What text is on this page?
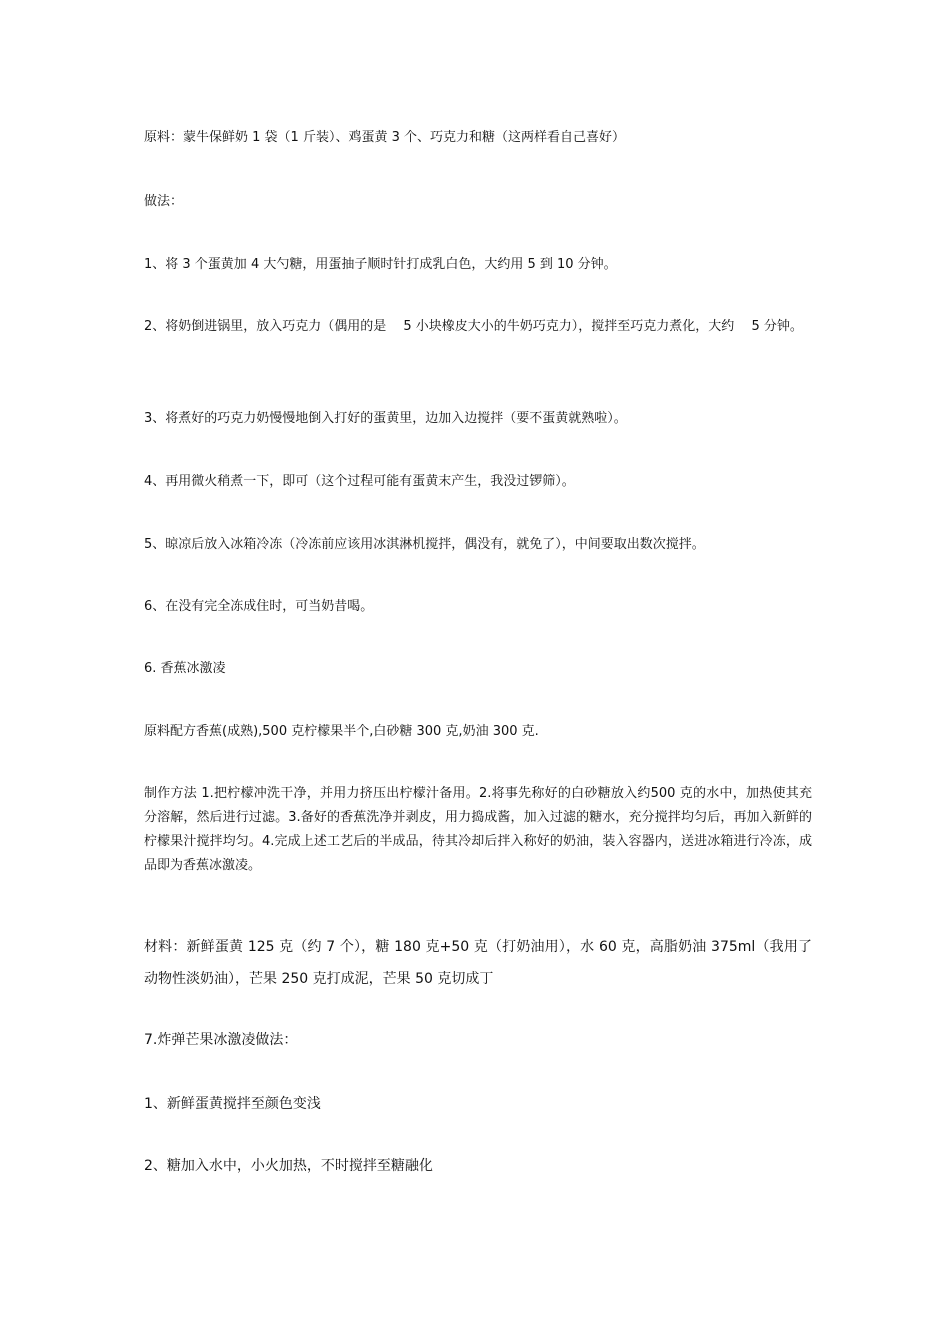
原料：蒙牛保鲜奶 1 袋（1 斤装）、鸡蛋黄 3 个、巧克力和糖（这两样看自己喜好）

做法：

1、将 3 个蛋黄加 4 大勺糖，用蛋抽子顺时针打成乳白色，大约用 5 到 10 分钟。

2、将奶倒进锅里，放入巧克力（偶用的是　 5 小块橡皮大小的牛奶巧克力），搅拌至巧克力煮化，大约　 5 分钟。

3、将煮好的巧克力奶慢慢地倒入打好的蛋黄里，边加入边搅拌（要不蛋黄就熟啦）。

4、再用微火稍煮一下，即可（这个过程可能有蛋黄末产生，我没过锣筛）。

5、晾凉后放入冰箱冷冻（冷冻前应该用冰淇淋机搅拌，偶没有，就免了），中间要取出数次搅拌。

6、在没有完全冻成住时，可当奶昔喝。

6. 香蕉冰激凌

原料配方香蕉(成熟),500 克柠檬果半个,白砂糖 300 克,奶油 300 克.

制作方法 1.把柠檬冲洗干净，并用力挤压出柠檬汁备用。2.将事先称好的白砂糖放入约500 克的水中，加热使其充分溶解，然后进行过滤。3.备好的香蕉洗净并剥皮，用力捣成酱，加入过滤的糖水，充分搅拌均匀后，再加入新鲜的柠檬果汁搅拌均匀。4.完成上述工艺后的半成品，待其冷却后拌入称好的奶油，装入容器内，送进冰箱进行冷冻，成品即为香蕉冰激凌。

材料：新鲜蛋黄 125 克（约 7 个），糖 180 克+50 克（打奶油用），水 60 克，高脂奶油 375ml（我用了动物性淡奶油），芒果 250 克打成泥，芒果 50 克切成丁

7.炸弹芒果冰激凌做法：

1、新鲜蛋黄搅拌至颜色变浅

2、糖加入水中，小火加热，不时搅拌至糖融化
